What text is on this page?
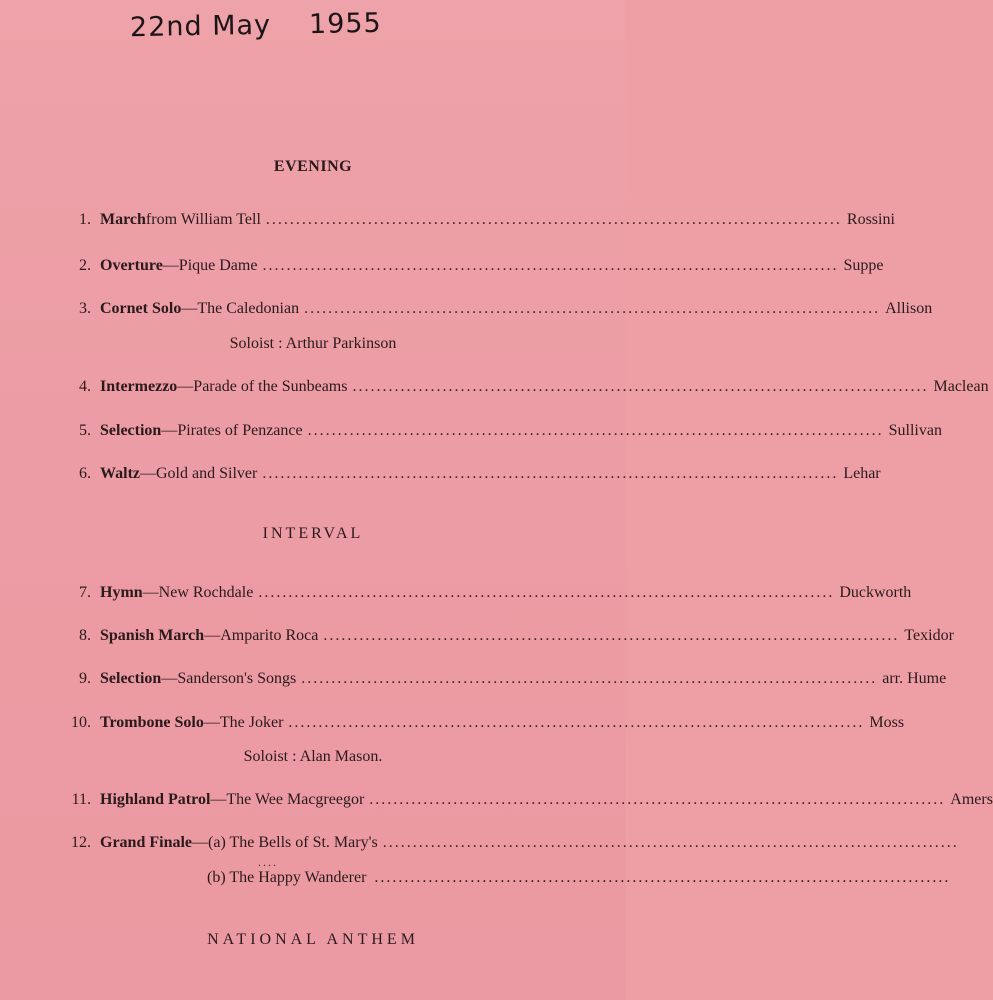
22nd May 1955
EVENING
1. March from William Tell ................................................................................................ Rossini
2. Overture —Pique Dame ................................................................................................ Suppe
3. Cornet Solo —The Caledonian ................................................................................................ Allison
Soloist : Arthur Parkinson
4. Intermezzo —Parade of the Sunbeams ................................................................................................ Maclean
5. Selection —Pirates of Penzance ................................................................................................ Sullivan
6. Waltz —Gold and Silver ................................................................................................ Lehar
INTERVAL
7. Hymn —New Rochdale ................................................................................................ Duckworth
8. Spanish March —Amparito Roca ................................................................................................ Texidor
9. Selection —Sanderson's Songs ................................................................................................ arr. Hume
10. Trombone Solo —The Joker ................................................................................................ Moss
Soloist : Alan Mason.
11. Highland Patrol —The Wee Macgreegor ................................................................................................ Amers
12. Grand Finale —(a) The Bells of St. Mary's ................................................................................................
....
(b) The Happy Wanderer ................................................................................................
NATIONAL ANTHEM
